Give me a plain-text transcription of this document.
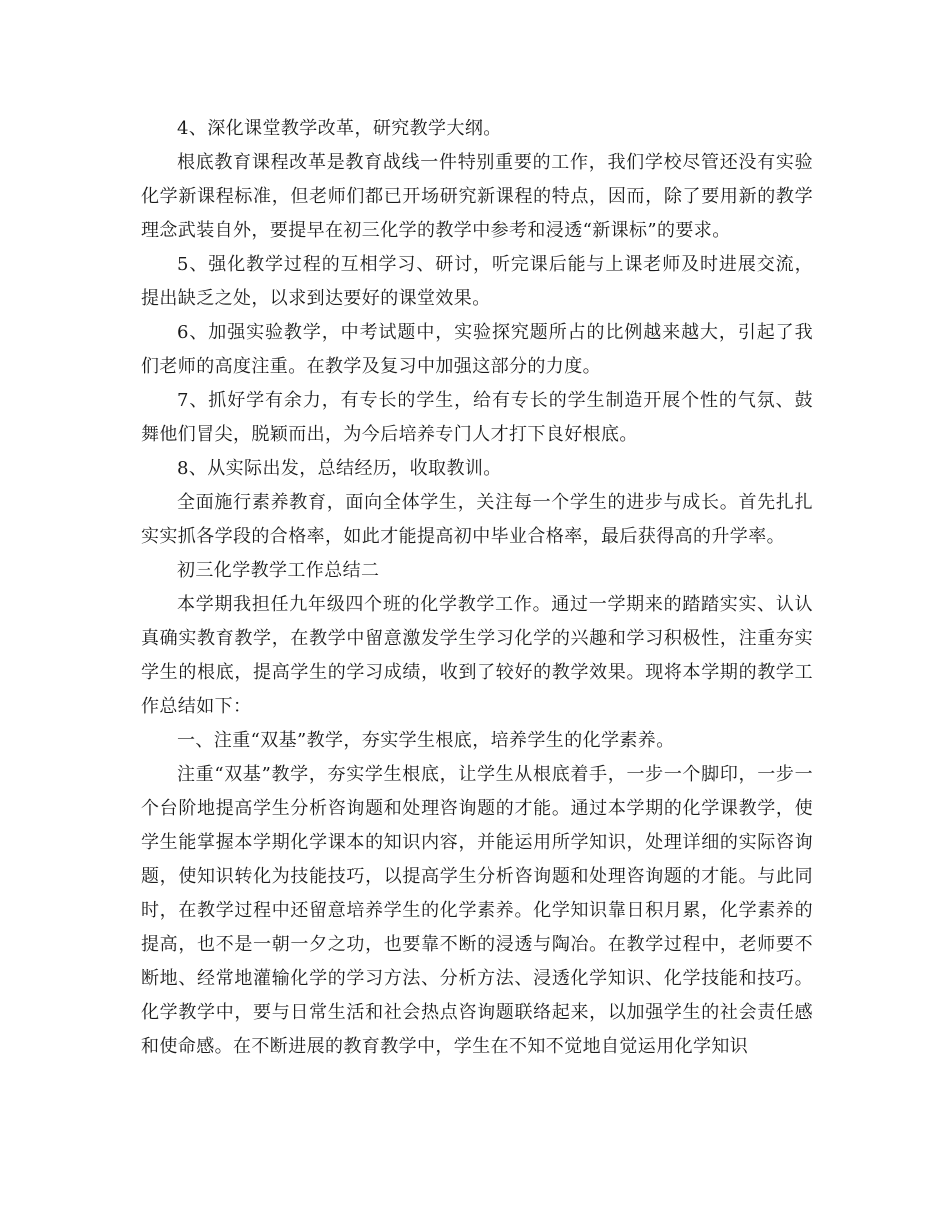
4、深化课堂教学改革，研究教学大纲。

根底教育课程改革是教育战线一件特别重要的工作，我们学校尽管还没有实验化学新课程标准，但老师们都已开场研究新课程的特点，因而，除了要用新的教学理念武装自外，要提早在初三化学的教学中参考和浸透“新课标”的要求。

5、强化教学过程的互相学习、研讨，听完课后能与上课老师及时进展交流，提出缺乏之处，以求到达要好的课堂效果。

6、加强实验教学，中考试题中，实验探究题所占的比例越来越大，引起了我们老师的高度注重。在教学及复习中加强这部分的力度。

7、抓好学有余力，有专长的学生，给有专长的学生制造开展个性的气氛、鼓舞他们冒尖，脱颖而出，为今后培养专门人才打下良好根底。

8、从实际出发，总结经历，收取教训。

全面施行素养教育，面向全体学生，关注每一个学生的进步与成长。首先扎扎实实抓各学段的合格率，如此才能提高初中毕业合格率，最后获得高的升学率。

初三化学教学工作总结二

本学期我担任九年级四个班的化学教学工作。通过一学期来的踏踏实实、认认真确实教育教学，在教学中留意激发学生学习化学的兴趣和学习积极性，注重夯实学生的根底，提高学生的学习成绩，收到了较好的教学效果。现将本学期的教学工作总结如下：

一、注重“双基”教学，夯实学生根底，培养学生的化学素养。

注重“双基”教学，夯实学生根底，让学生从根底着手，一步一个脚印，一步一个台阶地提高学生分析咨询题和处理咨询题的才能。通过本学期的化学课教学，使学生能掌握本学期化学课本的知识内容，并能运用所学知识，处理详细的实际咨询题，使知识转化为技能技巧，以提高学生分析咨询题和处理咨询题的才能。与此同时，在教学过程中还留意培养学生的化学素养。化学知识靠日积月累，化学素养的提高，也不是一朝一夕之功，也要靠不断的浸透与陶冶。在教学过程中，老师要不断地、经常地灌输化学的学习方法、分析方法、浸透化学知识、化学技能和技巧。化学教学中，要与日常生活和社会热点咨询题联络起来，以加强学生的社会责任感和使命感。在不断进展的教育教学中，学生在不知不觉地自觉运用化学知识
